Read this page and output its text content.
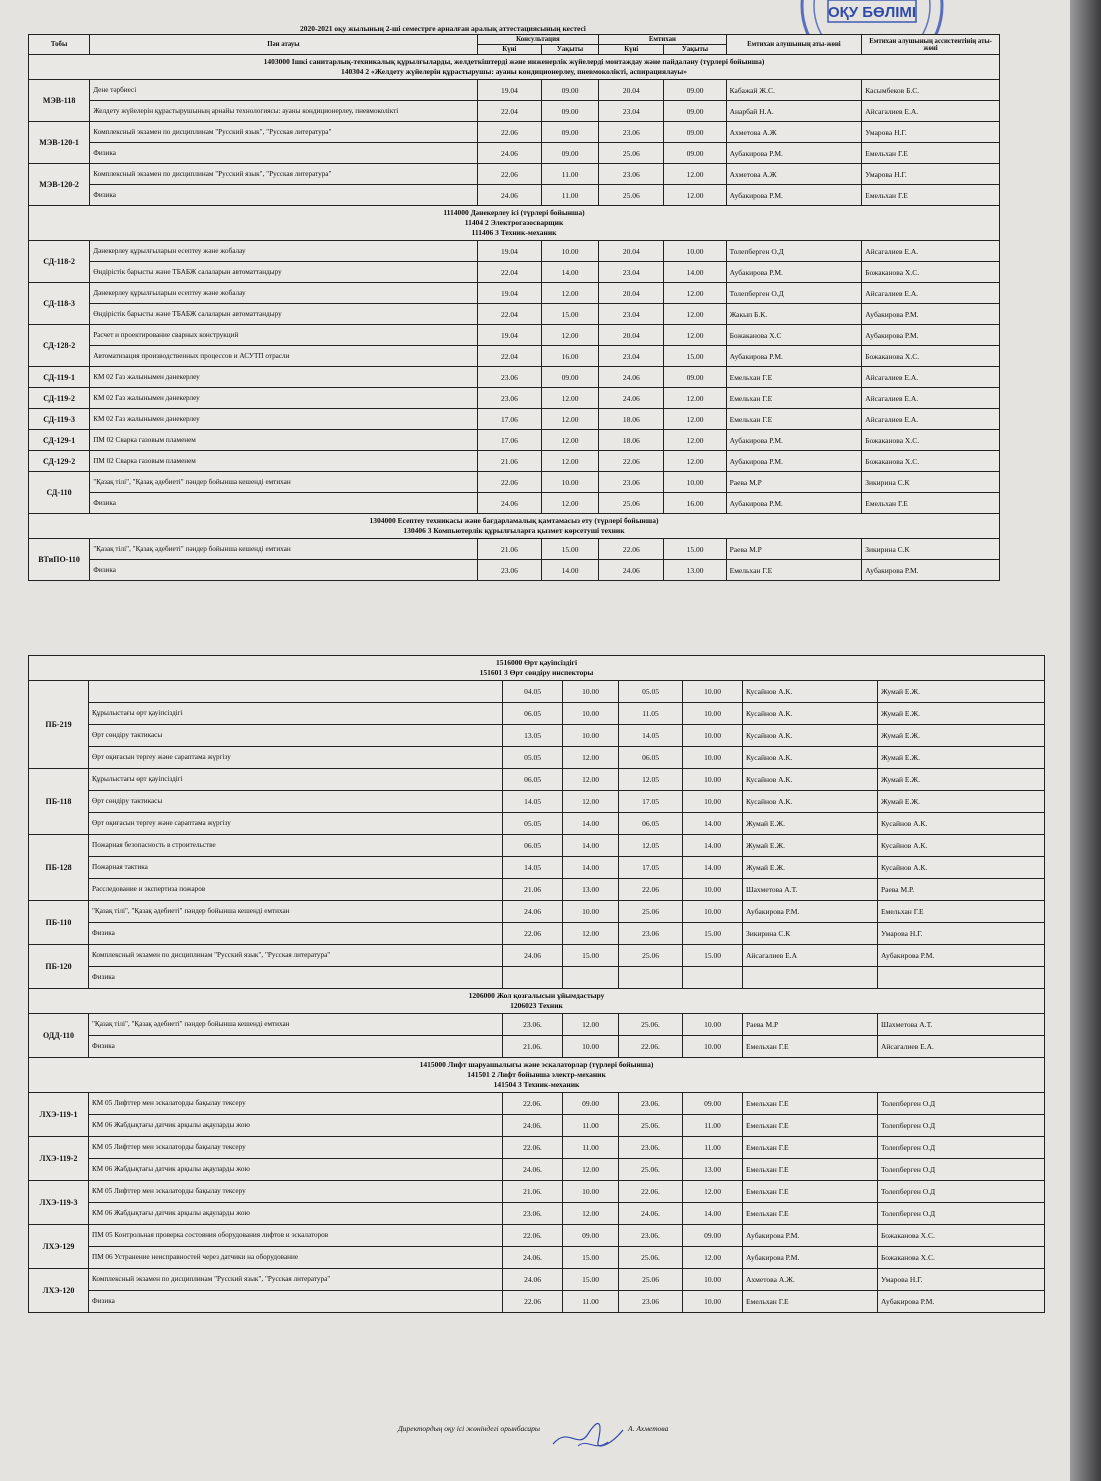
2020-2021 оқу жылының 2-ші семестрге арналған аралық аттестациясының кестесі
ОҚУ БӨЛІМІ
Тобы	Пән атауы	Консультация		Емтихан		Емтихан алушының аты-жөні	Емтихан алушының ассистентінің аты-жөні
		Күні	Уақыты	Күні	Уақыты		

1403000 Ішкі санитарлық-техникалық құрылғыларды, желдеткіштерді және инженерлік жүйелерді монтаждау және пайдалану (түрлері бойынша)
140304 2 «Желдету жүйелерін құрастырушы: ауаны кондиционерлеу, пневмоколікті, аспирациялауы»							

МЭВ-118	Дене тәрбиесі	19.04	09.00	20.04	09.00	Кабажай Ж.С.	Касымбеков Б.С.
	Желдету жүйелерін құрастырушының арнайы технологиясы: ауаны кондиционерлеу, пневмоколікті	22.04	09.00	23.04	09.00	Анарбай Н.А.	Айсагалиев Е.А.
МЭВ-120-1	Комплексный экзамен по дисциплинам "Русский язык", "Русская литература"	22.06	09.00	23.06	09.00	Ахметова А.Ж	Умарова Н.Г.
	Физика	24.06	09.00	25.06	09.00	Аубакирова Р.М.	Емельхан Г.Е
МЭВ-120-2	Комплексный экзамен по дисциплинам "Русский язык", "Русская литература"	22.06	11.00	23.06	12.00	Ахметова А.Ж	Умарова Н.Г.
	Физика	24.06	11.00	25.06	12.00	Аубакирова Р.М.	Емельхан Г.Е

1114000 Дәнекерлеу ісі (түрлері бойынша)
11404 2 Электрогазосварщик
111406 3 Техник-механик							

СД-118-2	Дәнекерлеу құрылғыларын есептеу және жобалау	19.04	10.00	20.04	10.00	Толепберген О.Д	Айсагалиев Е.А.
	Өндірістік барысты және ТБАБЖ салаларын автоматтандыру	22.04	14.00	23.04	14.00	Аубакирова Р.М.	Божаканова Х.С.
СД-118-3	Дәнекерлеу құрылғыларын есептеу және жобалау	19.04	12.00	20.04	12.00	Толепберген О.Д	Айсагалиев Е.А.
	Өндірістік барысты және ТБАБЖ салаларын автоматтандыру	22.04	15.00	23.04	12.00	Жакып Б.К.	Аубакирова Р.М.
СД-128-2	Расчет и проектирование сварных конструкций	19.04	12.00	20.04	12.00	Божаканова Х.С	Аубакирова Р.М.
	Автоматизация производственных процессов и АСУТП отрасли	22.04	16.00	23.04	15.00	Аубакирова Р.М.	Божаканова Х.С.
СД-119-1	КМ 02 Газ жалынымен дәнекерлеу	23.06	09.00	24.06	09.00	Емельхан Г.Е	Айсагалиев Е.А.
СД-119-2	КМ 02 Газ жалынымен дәнекерлеу	23.06	12.00	24.06	12.00	Емельхан Г.Е	Айсагалиев Е.А.
СД-119-3	КМ 02 Газ жалынымен дәнекерлеу	17.06	12.00	18.06	12.00	Емельхан Г.Е	Айсагалиев Е.А.
СД-129-1	ПМ 02 Сварка газовым пламенем	17.06	12.00	18.06	12.00	Аубакирова Р.М.	Божаканова Х.С.
СД-129-2	ПМ 02 Сварка газовым пламенем	21.06	12.00	22.06	12.00	Аубакирова Р.М.	Божаканова Х.С.
СД-110	"Қазақ тілі", "Қазақ әдебиеті" пәндер бойынша кешенді емтихан	22.06	10.00	23.06	10.00	Раева М.Р	Зикирина С.К
	Физика	24.06	12.00	25.06	16.00	Аубакирова Р.М.	Емельхан Г.Е

1304000 Есептеу техникасы және бағдарламалық қамтамасыз ету (түрлері бойынша)
130406 3 Компьютерлік құрылғыларға қызмет көрсетуші техник							

ВТиПО-110	"Қазақ тілі", "Қазақ әдебиеті" пәндер бойынша кешенді емтихан	21.06	15.00	22.06	15.00	Раева М.Р	Зикирина С.К
	Физика	23.06	14.00	24.06	13.00	Емельхан Г.Е	Аубакирова Р.М.
1516000 Өрт қауіпсіздігі
151601 3 Өрт сөндіру инспекторы							

ПБ-219		04.05	10.00	05.05	10.00	Кусайнов А.К.	Жумай Е.Ж.
	Құрылыстағы өрт қауіпсіздігі	06.05	10.00	11.05	10.00	Кусайнов А.К.	Жумай Е.Ж.
	Өрт сөндіру тактикасы	13.05	10.00	14.05	10.00	Кусайнов А.К.	Жумай Е.Ж.
	Өрт оқиғасын тергеу және сараптама жүргізу	05.05	12.00	06.05	10.00	Кусайнов А.К.	Жумай Е.Ж.
ПБ-118	Құрылыстағы өрт қауіпсіздігі	06.05	12.00	12.05	10.00	Кусайнов А.К.	Жумай Е.Ж.
	Өрт сөндіру тактикасы	14.05	12.00	17.05	10.00	Кусайнов А.К.	Жумай Е.Ж.
	Өрт оқиғасын тергеу және сараптама жүргізу	05.05	14.00	06.05	14.00	Жумай Е.Ж.	Кусайнов А.К.
ПБ-128	Пожарная безопасность в строительстве	06.05	14.00	12.05	14.00	Жумай Е.Ж.	Кусайнов А.К.
	Пожарная тактика	14.05	14.00	17.05	14.00	Жумай Е.Ж.	Кусайнов А.К.
	Расследование и экспертиза пожаров	21.06	13.00	22.06	10.00	Шахметова А.Т.	Раева М.Р.
ПБ-110	"Қазақ тілі", "Қазақ әдебиеті" пәндер бойынша кешенді емтихан	24.06	10.00	25.06	10.00	Аубакирова Р.М.	Емельхан Г.Е
	Физика	22.06	12.00	23.06	15.00	Зикирина С.К	Умарова Н.Г.
ПБ-120	Комплексный экзамен по дисциплинам "Русский язык", "Русская литература"	24.06	15.00	25.06	15.00	Айсагалиев Е.А	Аубакирова Р.М.
	Физика						

1206000 Жол қозғалысын ұйымдастыру
1206023 Техник							

ОДД-110	"Қазақ тілі", "Қазақ әдебиеті" пәндер бойынша кешенді емтихан	23.06.	12.00	25.06.	10.00	Раева М.Р	Шахметова А.Т.
	Физика	21.06.	10.00	22.06.	10.00	Емельхан Г.Е	Айсагалиев Е.А.

1415000 Лифт шаруашылығы және эскалаторлар (түрлері бойынша)
141501 2 Лифт бойынша электр-механик
141504 3 Техник-механик							

ЛХЭ-119-1	КМ 05 Лифттер мен эскалаторды бақылау тексеру	22.06.	09.00	23.06.	09.00	Емельхан Г.Е	Толепберген О.Д
	КМ 06 Жабдықтағы датчик арқылы ақауларды жою	24.06.	11.00	25.06.	11.00	Емельхан Г.Е	Толепберген О.Д
ЛХЭ-119-2	КМ 05 Лифттер мен эскалаторды бақылау тексеру	22.06.	11.00	23.06.	11.00	Емельхан Г.Е	Толепберген О.Д
	КМ 06 Жабдықтағы датчик арқылы ақауларды жою	24.06.	12.00	25.06.	13.00	Емельхан Г.Е	Толепберген О.Д
ЛХЭ-119-3	КМ 05 Лифттер мен эскалаторды бақылау тексеру	21.06.	10.00	22.06.	12.00	Емельхан Г.Е	Толепберген О.Д
	КМ 06 Жабдықтағы датчик арқылы ақауларды жою	23.06.	12.00	24.06.	14.00	Емельхан Г.Е	Толепберген О.Д
ЛХЭ-129	ПМ 05 Контрольная проверка состояния оборудования лифтов и эскалаторов	22.06.	09.00	23.06.	09.00	Аубакирова Р.М.	Божаканова Х.С.
	ПМ 06 Устранение неисправностей через датчики на оборудование	24.06.	15.00	25.06.	12.00	Аубакирова Р.М.	Божаканова Х.С.
ЛХЭ-120	Комплексный экзамен по дисциплинам "Русский язык", "Русская литература"	24.06	15.00	25.06	10.00	Ахметова А.Ж.	Умарова Н.Г.
	Физика	22.06	11.00	23.06	10.00	Емельхан Г.Е	Аубакирова Р.М.
Директордың оқу ісі жөніндегі орынбасары	А. Ахметова
